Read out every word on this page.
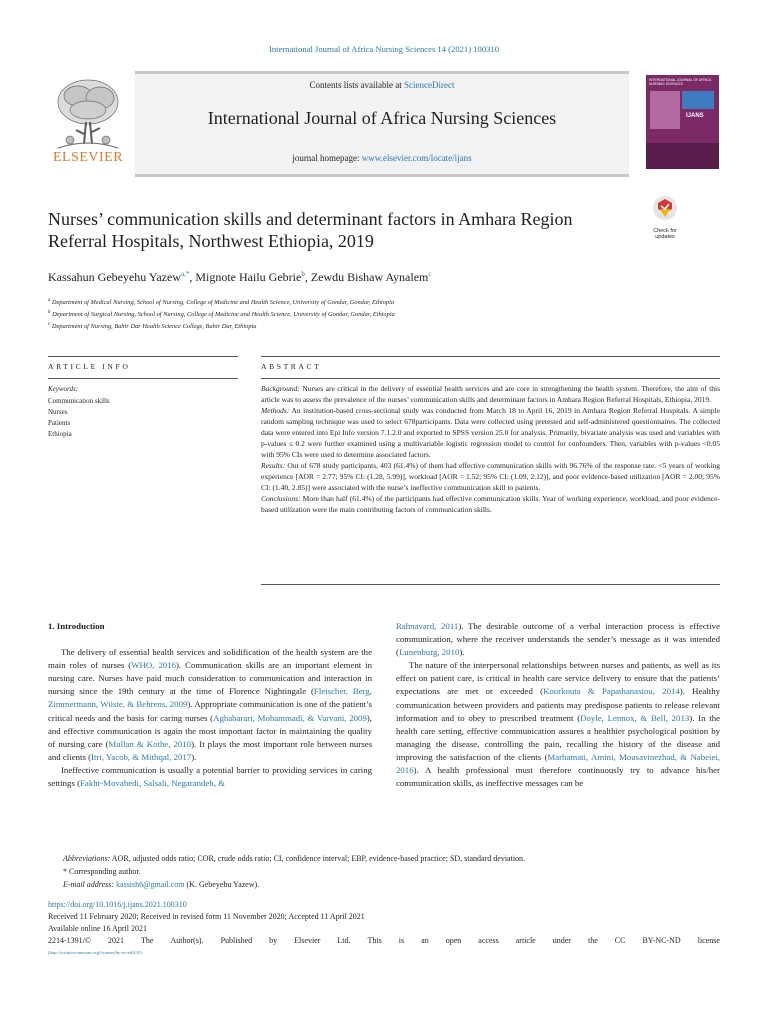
International Journal of Africa Nursing Sciences 14 (2021) 100310
ELSEVIER
Contents lists available at ScienceDirect
International Journal of Africa Nursing Sciences
journal homepage: www.elsevier.com/locate/ijans
INTERNATIONAL JOURNAL OF AFRICA NURSING SCIENCES
IJANS
Nurses’ communication skills and determinant factors in Amhara Region Referral Hospitals, Northwest Ethiopia, 2019	Check for updates
Kassahun Gebeyehu Yazew$^{a,*}$, Mignote Hailu Gebrie$^b$, Zewdu Bishaw Aynalem$^c$
$^a$ Department of Medical Nursing, School of Nursing, College of Medicine and Health Science, University of Gondar, Gondar, Ethiopia
$^b$ Department of Surgical Nursing, School of Nursing, College of Medicine and Health Science, University of Gondar, Gondar, Ethiopia
$^c$ Department of Nursing, Bahir Dar Health Science College, Bahir Dar, Ethiopia
ARTICLE INFO
Keywords:
Communication skills
Nurses
Patients
Ethiopia
ABSTRACT

Background: Nurses are critical in the delivery of essential health services and are core in strengthening the health system. Therefore, the aim of this article was to assess the prevalence of the nurses’ communication skills and determinant factors in Amhara Region Referral Hospitals, Ethiopia, 2019.

Methods: An institution-based cross-sectional study was conducted from March 18 to April 16, 2019 in Amhara Region Referral Hospitals. A simple random sampling technique was used to select 678participants. Data were collected using pretested and self-administered questionnaires. The collected data were entered into Epi Info version 7.1.2.0 and exported to SPSS version 25.0 for analysis. Primarily, bivariate analysis was used and variables with p-values ≤ 0.2 were further examined using a multivariable logistic regression model to control for confounders. Then, variables with p-values <0.05 with 95% CIs were used to determine associated factors.

Results: Out of 678 study participants, 403 (61.4%) of them had effective communication skills with 96.76% of the response rate. <5 years of working experience [AOR = 2.77; 95% CI: (1.28, 5.99)], workload [AOR = 1.52; 95% CI: (1.09, 2.12)], and poor evidence-based utilization [AOR = 2.00; 95% CI: (1.40, 2.85)] were associated with the nurse’s ineffective communication skill to patients.

Conclusions: More than half (61.4%) of the participants had effective communication skills. Year of working experience, workload, and poor evidence-based utilization were the main contributing factors of communication skills.

1. Introduction

The delivery of essential health services and solidification of the health system are the main roles of nurses (WHO, 2016). Communication skills are an important element in nursing care. Nurses have paid much consideration to communication and interaction in nursing since the 19th century at the time of Florence Nightingale (Fleischer, Berg, Zimmermann, Wüste, & Behrens, 2009). Appropriate communication is one of the patient’s critical needs and the basis for caring nurses (Aghabarari, Mohammadi, & Varvani, 2009), and effective communication is again the most important factor in maintaining the quality of nursing care (Mullan & Kothe, 2010). It plays the most important role between nurses and clients (Itri, Yacob, & Mithqal, 2017).

Ineffective communication is usually a potential barrier to providing services in caring settings (Fakhr-Movahedi, Salsali, Negarandeh, &

Rahnavard, 2011). The desirable outcome of a verbal interaction process is effective communication, where the receiver understands the sender’s message as it was intended (Lunenburg, 2010).

The nature of the interpersonal relationships between nurses and patients, as well as its effect on patient care, is critical in health care service delivery to ensure that the patients’ expectations are met or exceeded (Kourkouta & Papathanasiou, 2014). Healthy communication between providers and patients may predispose patients to release relevant information and to obey to prescribed treatment (Doyle, Lennox, & Bell, 2013). In the health care setting, effective communication assures a healthier psychological position by managing the disease, controlling the pain, recalling the history of the disease and improving the satisfaction of the clients (Marhamati, Amini, Mousavinezhad, & Nabeiei, 2016). A health professional must therefore continuously try to advance his/her communication skills, as ineffective messages can be

Abbreviations: AOR, adjusted odds ratio; COR, crude odds ratio; CI, confidence interval; EBP, evidence-based practice; SD, standard deviation.
* Corresponding author.
E-mail address: kassish6@gmail.com (K. Gebeyehu Yazew).
https://doi.org/10.1016/j.ijans.2021.100310
Received 11 February 2020; Received in revised form 11 November 2020; Accepted 11 April 2021
Available online 16 April 2021
2214-1391/© 2021 The Author(s). Published by Elsevier Ltd. This is an open access article under the CC BY-NC-ND license
(http://creativecommons.org/licenses/by-nc-nd/4.0/).
